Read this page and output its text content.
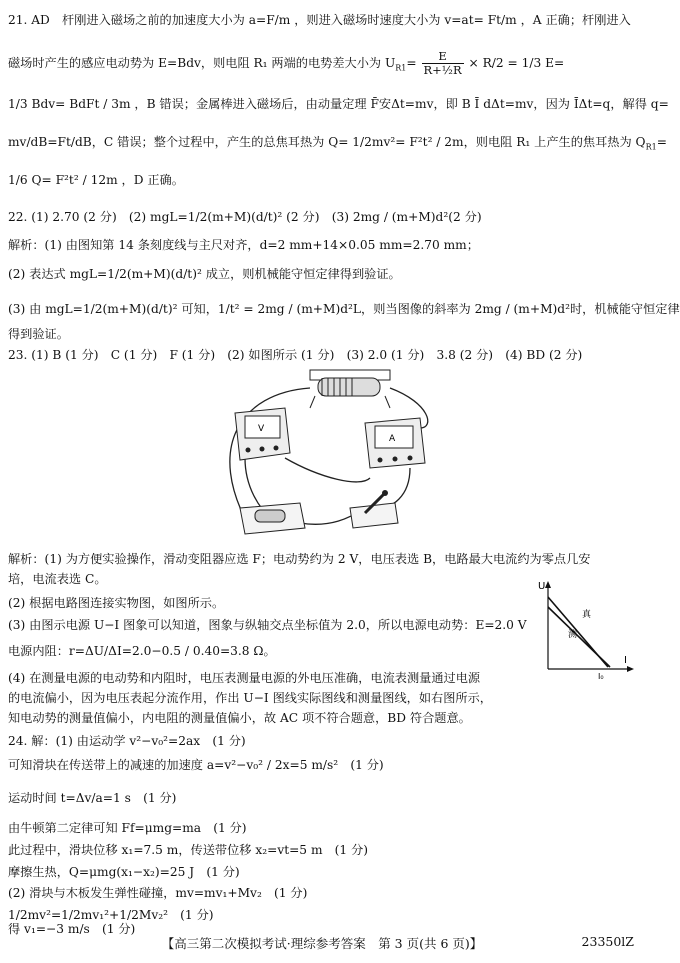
21. AD　杆刚进入磁场之前的加速度大小为 a=F/m ，则进入磁场时速度大小为 v=at= Ft/m ，A 正确；杆刚进入
磁场时产生的感应电动势为 E=Bdv，则电阻 R₁ 两端的电势差大小为 $U_{R1}= \frac{E}{\text{R+½R}} \times R/2 = 1/3$ E=
1/3 Bdv= BdFt / 3m ，B 错误；金属棒进入磁场后，由动量定理 F̄安Δt=mv，即 B Ī dΔt=mv，因为 ĪΔt=q，解得 q=
mv/dB=Ft/dB，C 错误；整个过程中，产生的总焦耳热为 Q= 1/2mv²= F²t² / 2m，则电阻 R₁ 上产生的焦耳热为 $Q_{R1}=$
1/6 Q= F²t² / 12m ，D 正确。
22. (1) 2.70 (2 分)　(2) mgL=1/2(m+M)(d/t)² (2 分)　(3) 2mg / (m+M)d²(2 分)
解析：(1) 由图知第 14 条刻度线与主尺对齐，d=2 mm+14×0.05 mm=2.70 mm；
(2) 表达式 mgL=1/2(m+M)(d/t)² 成立，则机械能守恒定律得到验证。
(3) 由 mgL=1/2(m+M)(d/t)² 可知，1/t² = 2mg / (m+M)d²L，则当图像的斜率为 2mg / (m+M)d²时，机械能守恒定律
得到验证。
23. (1) B (1 分)　C (1 分)　F (1 分)　(2) 如图所示 (1 分)　(3) 2.0 (1 分)　3.8 (2 分)　(4) BD (2 分)
V
A
解析：(1) 为方便实验操作，滑动变阻器应选 F；电动势约为 2 V，电压表选 B，电路最大电流约为零点几安
培，电流表选 C。
(2) 根据电路图连接实物图，如图所示。
(3) 由图示电源 U−I 图象可以知道，图象与纵轴交点坐标值为 2.0，所以电源电动势：E=2.0 V
电源内阻：r=ΔU/ΔI=2.0−0.5 / 0.40=3.8 Ω。
U
I
I₀
真
测
(4) 在测量电源的电动势和内阻时，电压表测量电源的外电压准确，电流表测量通过电源
的电流偏小，因为电压表起分流作用，作出 U−I 图线实际图线和测量图线，如右图所示，
知电动势的测量值偏小，内电阻的测量值偏小，故 AC 项不符合题意，BD 符合题意。
24. 解：(1) 由运动学 v²−v₀²=2ax　(1 分)
可知滑块在传送带上的减速的加速度 a=v²−v₀² / 2x=5 m/s²　(1 分)
运动时间 t=Δv/a=1 s　(1 分)
由牛顿第二定律可知 Ff=μmg=ma　(1 分)
此过程中，滑块位移 x₁=7.5 m，传送带位移 x₂=vt=5 m　(1 分)
摩擦生热，Q=μmg(x₁−x₂)=25 J　(1 分)
(2) 滑块与木板发生弹性碰撞，mv=mv₁+Mv₂　(1 分)
1/2mv²=1/2mv₁²+1/2Mv₂²　(1 分)
得 v₁=−3 m/s　(1 分)
【高三第二次模拟考试·理综参考答案　第 3 页(共 6 页)】	23350lZ
